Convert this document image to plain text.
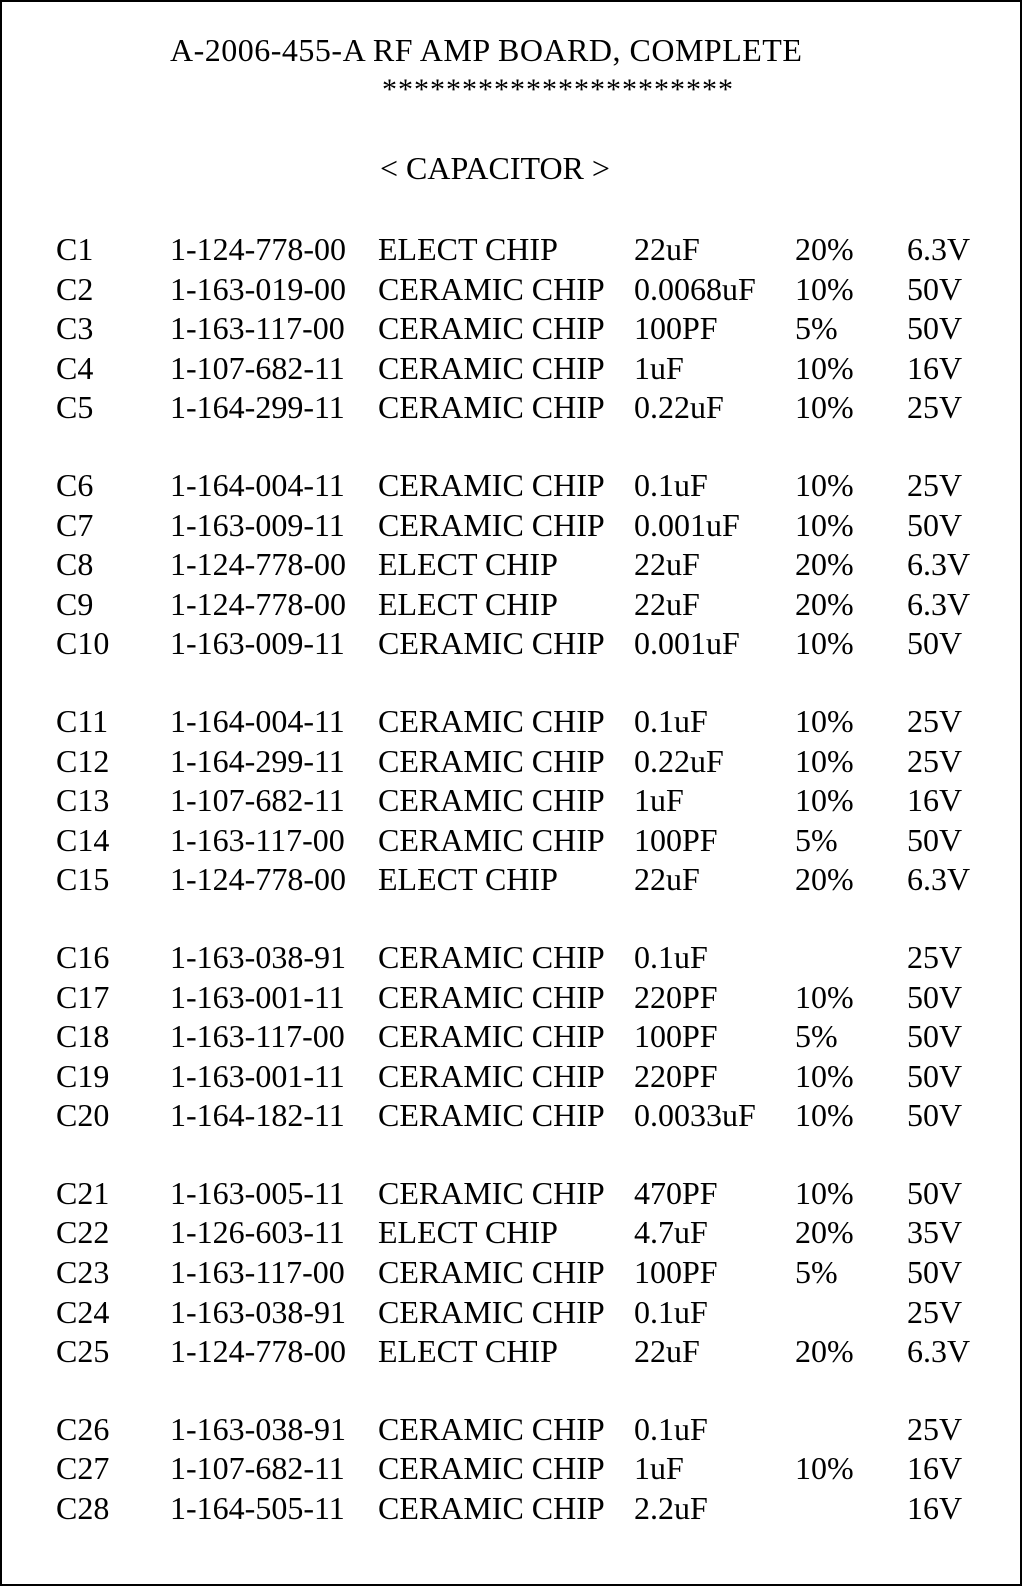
A-2006-455-A RF AMP BOARD, COMPLETE
**********************
< CAPACITOR >
C1 1-124-778-00 ELECT CHIP 22uF	20% 6.3V
C2 1-163-019-00 CERAMIC CHIP 0.0068uF 10% 50V
C3 1-163-117-00 CERAMIC CHIP 100PF 5% 50V
C4 1-107-682-11 CERAMIC CHIP 1uF	10% 16V
C5 1-164-299-11 CERAMIC CHIP 0.22uF 10% 25V
C6 1-164-004-11 CERAMIC CHIP 0.1uF	10% 25V
C7 1-163-009-11 CERAMIC CHIP 0.001uF 10% 50V
C8 1-124-778-00 ELECT CHIP 22uF	20% 6.3V
C9 1-124-778-00 ELECT CHIP 22uF	20% 6.3V
C10 1-163-009-11 CERAMIC CHIP 0.001uF 10% 50V
C11 1-164-004-11 CERAMIC CHIP 0.1uF	10% 25V
C12 1-164-299-11 CERAMIC CHIP 0.22uF 10% 25V
C13 1-107-682-11 CERAMIC CHIP 1uF	10% 16V
C14 1-163-117-00 CERAMIC CHIP 100PF 5% 50V
C15 1-124-778-00 ELECT CHIP 22uF	20% 6.3V
C16 1-163-038-91 CERAMIC CHIP 0.1uF	25V
C17 1-163-001-11 CERAMIC CHIP 220PF 10% 50V
C18 1-163-117-00 CERAMIC CHIP 100PF 5% 50V
C19 1-163-001-11 CERAMIC CHIP 220PF 10% 50V
C20 1-164-182-11 CERAMIC CHIP 0.0033uF 10% 50V
C21 1-163-005-11 CERAMIC CHIP 470PF 10% 50V
C22 1-126-603-11 ELECT CHIP 4.7uF	20% 35V
C23 1-163-117-00 CERAMIC CHIP 100PF 5% 50V
C24 1-163-038-91 CERAMIC CHIP 0.1uF	25V
C25 1-124-778-00 ELECT CHIP 22uF	20% 6.3V
C26 1-163-038-91 CERAMIC CHIP 0.1uF	25V
C27 1-107-682-11 CERAMIC CHIP 1uF	10% 16V
C28 1-164-505-11 CERAMIC CHIP 2.2uF	16V
